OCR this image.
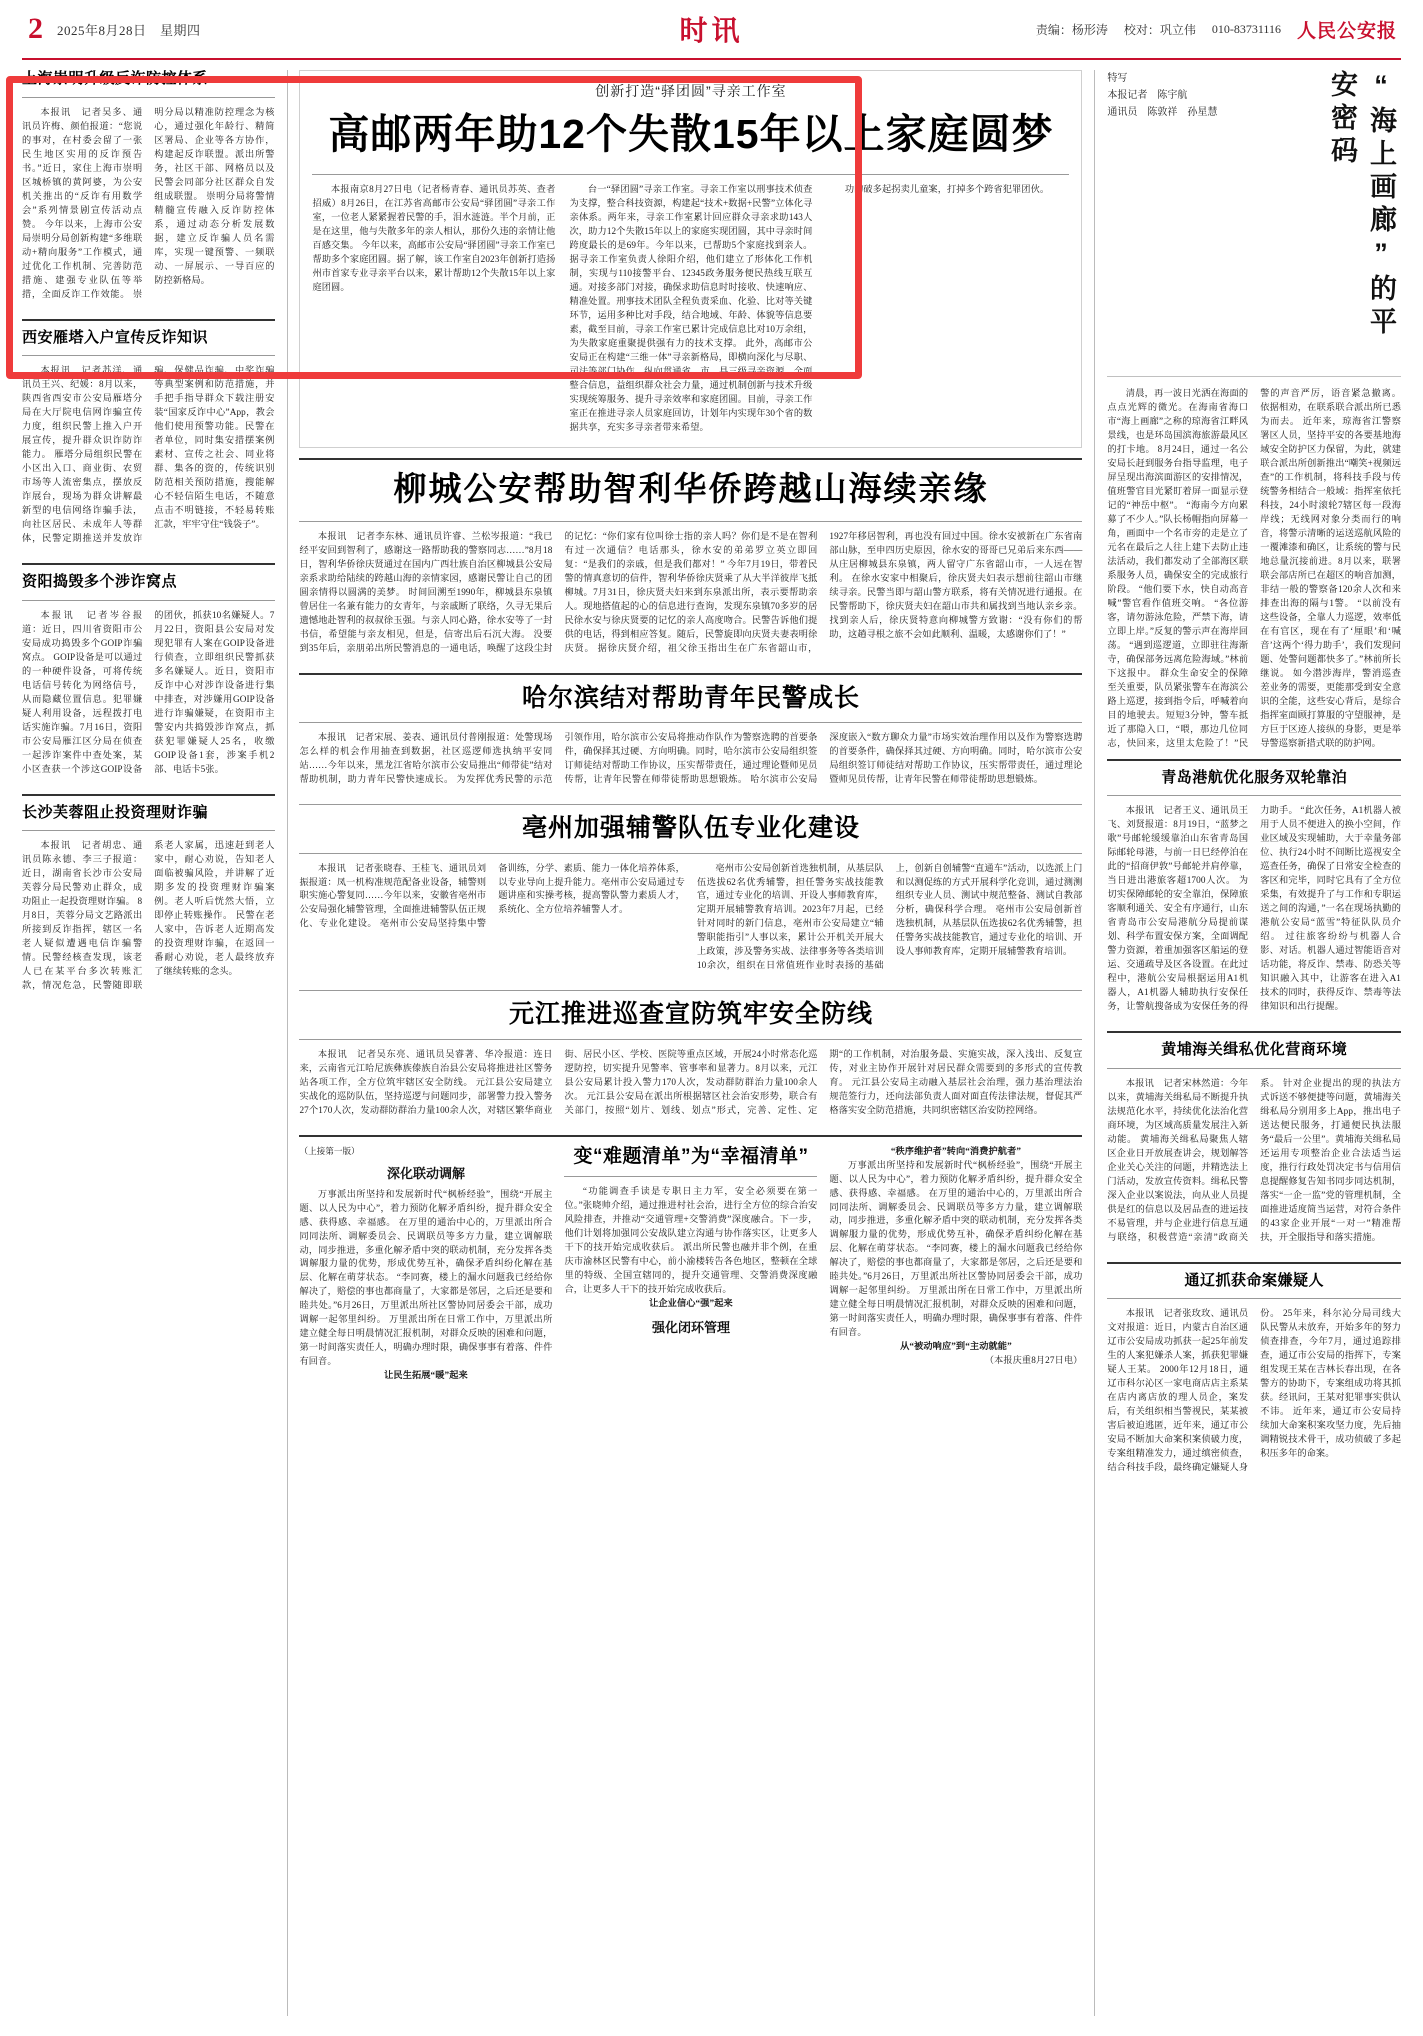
2 2025年8月28日　星期四	时讯	责编：杨形涛 校对：巩立伟 010-83731116 人民公安报
上海崇明升级反诈防控体系
本报讯　记者吴多、通讯员许梅、颜伯报道：“您说的事对，在村委会留了一张民生地区实用的反诈预告书。”近日，家住上海市崇明区城桥镇的黄阿婆，为公安机关推出的“反诈有用数学会”系列情景剧宣传活动点赞。 今年以来，上海市公安局崇明分局创新构建“多维联动+精向服务”工作模式，通过优化工作机制、完善防范措施、建强专业队伍等举措，全面反诈工作效能。 崇明分局以精准防控理念为核心，通过强化年龄行、精简区署局、企业等各方协作，构建起反诈联盟。派出所警务，社区干部、网格员以及民警会同部分社区群众自发组成联盟。 崇明分局将警情精髓宣传融入反诈防控体系，通过动态分析发展数据，建立反诈骗人员名需库，实现一键预警、一频联动、一屏展示、一导百应的防控新格局。
西安雁塔入户宣传反诈知识
本报讯　记者苏洋、通讯员王兴、纪媛：8月以来，陕西省西安市公安局雁塔分局在大厅院电信网诈骗宣传力度，组织民警上推入户开展宣传，提升群众识诈防诈能力。 雁塔分局组织民警在小区出入口、商业街、农贸市场等人流密集点，摆放反诈展台，现场为群众讲解最新型的电信网络诈骗手法，向社区居民、未成年人等群体，民警定期推送并发放诈骗、保健品诈骗、中奖诈骗等典型案例和防范措施，并手把手指导群众下载注册安装“国家反诈中心”App，教会他们使用预警功能。民警在者单位，同时集安措摆案例素材、宣传之社会、同业将群、集各的资的，传统识别防范相关预防措施，搜能解心不轻信陌生电话，不随意点击不明链接，不轻易转账汇款，牢牢守住“钱袋子”。
资阳捣毁多个涉诈窝点
本报讯　记者岑谷报道：近日，四川省资阳市公安局成功捣毁多个GOIP诈骗窝点。 GOIP设备是可以通过的一种硬件设备，可将传统电话信号转化为网络信号，从而隐藏位置信息。犯罪嫌疑人利用设备，远程拨打电话实施诈骗。7月16日，资阳市公安局雁江区分局在侦查一起涉诈案件中查处案，某小区查获一个涉这GOIP设备的团伙，抓获10名嫌疑人。7月22日，资阳县公安局对发现犯罪有人案在GOIP设备进行侦查，立即组织民警抓获多名嫌疑人。近日，资阳市反诈中心对涉诈设备进行集中排查，对涉嫌用GOIP设备进行诈骗嫌疑，在资阳市主警安内共捣毁涉诈窝点，抓获犯罪嫌疑人25名，收缴GOIP设备1套，涉案手机2部、电话卡5张。
长沙芙蓉阻止投资理财诈骗
本报讯　记者胡忠、通讯员陈永德、李三子报道：近日，湖南省长沙市公安局芙蓉分局民警劝止群众，成功阻止一起投资理财诈骗。 8月8日，芙蓉分局文艺路派出所接到反诈指挥，辖区一名老人疑似遭遇电信诈骗警情。民警经核查发现，该老人已在某平台多次转账汇款，情况危急，民警随即联系老人家属，迅速赶到老人家中，耐心劝说，告知老人面临被骗风险，并讲解了近期多发的投资理财诈骗案例。老人听后恍然大悟，立即停止转账操作。 民警在老人家中，告诉老人近期高发的投资理财诈骗，在返回一番耐心劝说，老人最终放弃了继续转账的念头。
创新打造“驿团圆”寻亲工作室
高邮两年助12个失散15年以上家庭圆梦
本报南京8月27日电（记者杨青春、通讯员苏英、查者招威）8月26日，在江苏省高邮市公安局“驿团圆”寻亲工作室，一位老人紧紧握着民警的手，泪水涟涟。半个月前，正是在这里，他与失散多年的亲人相认，那份久违的亲情让他百感交集。 今年以来，高邮市公安局“驿团圆”寻亲工作室已帮助多个家庭团圆。据了解，该工作室自2023年创新打造扬州市首家专业寻亲平台以来，累计帮助12个失散15年以上家庭团圆。
台一“驿团圆”寻亲工作室。寻亲工作室以刑事技术侦查为支撑，整合科技资源，构建起“技术+数据+民警”立体化寻亲体系。两年来，寻亲工作室累计回应群众寻亲求助143人次，助力12个失散15年以上的家庭实现团圆，其中寻亲时间跨度最长的是69年。今年以来，已帮助5个家庭找到亲人。 据寻亲工作室负责人徐阳介绍，他们建立了形体化工作机制，实现与110接警平台、12345政务服务便民热线互联互通。对接多部门对接，确保求助信息时时接收、快速响应、精准处置。刑事技术团队全程负责采血、化验、比对等关键环节，运用多种比对手段，结合地域、年龄、体貌等信息要素，截至目前，寻亲工作室已累计完成信息比对10万余组，为失散家庭重聚提供强有力的技术支撑。 此外，高邮市公安局正在构建“三维一体”寻亲新格局，即横向深化与尽职、司法等部门协作，纵向贯通省、市、县三级寻亲资源，全面整合信息，益组织群众社会力量，通过机制创新与技术升级实现统筹服务、提升寻亲效率和家庭团圆。目前，寻亲工作室正在推进寻亲人员家庭回访，计划年内实现年30个省的数据共享，充实多寻亲者带来希望。
功的破多起拐卖儿童案，打掉多个跨省犯罪团伙。
柳城公安帮助智利华侨跨越山海续亲缘
本报讯　记者李东林、通讯员许睿、兰松岑报道：“我已经平安回到智利了，感谢这一路帮助我的警察同志……”8月18日，智利华侨徐庆贤通过在国内广西壮族自治区柳城县公安局亲系求助给陆续的跨越山海的亲情家园，感谢民警让自己的团圆亲情得以圆满的美梦。 时间回溯至1990年，柳城县东泉镇曾居住一名兼有能力的女青年，与亲戚断了联络，久寻无果后遗憾地赴智利的叔叔徐玉强。与亲人同心路，徐水安等了一封书信，希望能与亲友相见，但是，信寄出后石沉大海。 没要到35年后，亲朋弟出所民警消息的一通电话，唤醒了这段尘封的记忆：“你们家有位叫徐士指的亲人吗？你们是不是在智利有过一次通信？电话那头，徐水安的弟弟罗立英立即回复：“是我们的亲戚，但是我们都对！” 今年7月19日，带着民警的情真意切的信件，智利华侨徐庆贤乘了从大半洋彼岸飞抵柳城。7月31日，徐庆贤夫妇来到东泉派出所，表示要帮助亲人。现地搭值起的心的信息进行查询，发现东泉镇70多岁的居民徐水安与徐庆贤要的记忆的亲人高度吻合。民警告诉他们提供的电话，得到相应答复。随后，民警旋即向庆贤夫妻表明徐庆贤。 据徐庆贤介绍，祖父徐玉指出生在广东省韶山市，1927年移居智利，再也没有回过中国。徐水安被新在广东省南部山脉，至申四历史原因，徐水安的哥哥已兄弟后来东西——从庄居柳城县东泉镇，两人留守广东省韶山市，一人远在智利。 在徐水安家中相聚后，徐庆贤夫妇表示想前往韶山市继续寻亲。民警当即与韶山警方联系，将有关情况进行通报。在民警帮助下，徐庆贤夫妇在韶山市共和属找到当地认亲乡亲。找到亲人后，徐庆贤特意向柳城警方致谢：“没有你们的帮助，这趟寻根之旅不会如此顺利、温暖，太感谢你们了！”
哈尔滨结对帮助青年民警成长
本报讯　记者宋展、姜表、通讯员付普刚报道：处警现场怎么样的机会作用抽查到数据，社区巡逻师选执纳平安同站……今年以来，黑龙江省哈尔滨市公安局推出“师带徒”结对帮助机制，助力青年民警快速成长。 为发挥优秀民警的示范引领作用，哈尔滨市公安局将推动作队作为警察选聘的首要条件，确保择其过硬、方向明确。同时，哈尔滨市公安局组织签订师徒结对帮助工作协议，压实帮带责任，通过理论暨师见员传帮，让青年民警在师带徒帮助思想锻炼。 哈尔滨市公安局深度嵌入“数方聊众力量”市场实效治理作用以及作为警察选聘的首要条件，确保择其过硬、方向明确。同时，哈尔滨市公安局组织签订师徒结对帮助工作协议，压实帮带责任，通过理论暨师见员传帮，让青年民警在师带徒帮助思想锻炼。
亳州加强辅警队伍专业化建设
本报讯　记者张晓春、王桂飞、通讯员刘振报道：凤一机构准规范配备业设备，辅警则职实施心警复同……今年以来，安徽省亳州市公安局强化辅警管理，全面推进辅警队伍正规化、专业化建设。 亳州市公安局坚持集中警备训练，分学、素质、能力一体化培养体系，以专业导向上提升能力。亳州市公安局通过专题讲座和实操考核，提高警队警力素质人才，系统化、全方位培养辅警人才。
亳州市公安局创新首选独机制，从基层队伍选拔62名优秀辅警，担任警务实战技能教官，通过专业化的培训、开设人事师教育库，定期开展辅警教育培训。2023年7月起，已经针对同时的新门信息，亳州市公安局建立“辅警职能指引”人事以来，累计公开机关开展大上政策，涉及警务实战、法律事务等各类培训10余次，组织在日常值班作业时表扬的基础上，创新自创辅警“直通车”活动，以选派上门和以测促练的方式开展科学化竞训，通过测测组织专业人员、测试中规范整备、测试自教部分析，确保科学合理。 亳州市公安局创新首选独机制，从基层队伍选拔62名优秀辅警，担任警务实战技能教官，通过专业化的培训、开设人事师教育库，定期开展辅警教育培训。
元江推进巡查宣防筑牢安全防线
本报讯　记者吴东亮、通讯员吴睿著、华冷报道：连日来，云南省元江哈尼族彝族傣族自治县公安局将推进社区警务站各项工作，全方位筑牢辖区安全防线。 元江县公安局建立实战化的巡防队伍，坚持巡逻与问题同步，部署警力投入警务27个170人次，发动群防群治力量100余人次，对辖区繁华商业街、居民小区、学校、医院等重点区域，开展24小时常态化巡逻防控，切实提升见警率、管事率和显著力。8月以来，元江县公安局累计投入警力170人次，发动群防群治力量100余人次。 元江县公安局在派出所根据辖区社会治安形势，联合有关部门，按照“划片、划线、划点”形式，完善、定性、定期“的工作机制，对治服务最、实施实战，深入浅出、反复宣传，对业主协作开展针对居民群众需要到的多形式的宣传教育。 元江县公安局主动融入基层社会治理，强力基治理法治规范签行力，还向法部负责人面对面直传法律法规，督促其严格落实安全防范措施，共同织密辖区治安防控网络。
（上接第一版）
深化联动调解
万事派出所坚持和发展新时代“枫桥经验”，围绕“开展主题、以人民为中心”，着力预防化解矛盾纠纷，提升群众安全感、获得感、幸福感。 在万里的通治中心的，万里派出所合同同法所、调解委员会、民调联员等多方力量，建立调解联动，同步推进，多重化解矛盾中突的联动机制，充分发挥各类调解服力量的优势，形成优势互补，确保矛盾纠纷化解在基层、化解在萌芽状态。 “李同赛，楼上的漏水问题我已经给你解决了，赔偿的事也都商量了，大家都是邻居，之后还是要和睦共处。”6月26日，万里派出所社区警协同居委会干部，成功调解一起邻里纠纷。 万里派出所在日常工作中，万里派出所建立健全每日明晨情况汇报机制，对群众反映的困难和问题，第一时间落实责任人，明确办理时限，确保事事有着落、件件有回音。
让民生拓展“暖”起来
变“难题清单”为“幸福清单”
“功能调查手读是专职日主力军，安全必须要在第一位。”张晓帅介绍，通过推进村社会治，进行全方位的综合治安风险排查，并推动“交通管理+交警消费”深度融合。下一步，他们计划将加强同公安战队建立沟通与协作落实区，让更多人干下的技开始完成收获后。 派出所民警也融并非个例，在重庆市渝林区民警有中心，前小渝楼转告各色地区，整顿在全球里的特级、全国宣辖同的，提升交通管理、交警消费深度融合，让更多人干下的技开始完成收获后。
让企业信心“强”起来
强化闭环管理
“秩序维护者”转向“消费护航者”
万事派出所坚持和发展新时代“枫桥经验”，围绕“开展主题、以人民为中心”，着力预防化解矛盾纠纷，提升群众安全感、获得感、幸福感。 在万里的通治中心的，万里派出所合同同法所、调解委员会、民调联员等多方力量，建立调解联动，同步推进，多重化解矛盾中突的联动机制，充分发挥各类调解服力量的优势，形成优势互补，确保矛盾纠纷化解在基层、化解在萌芽状态。 “李同赛，楼上的漏水问题我已经给你解决了，赔偿的事也都商量了，大家都是邻居，之后还是要和睦共处。”6月26日，万里派出所社区警协同居委会干部，成功调解一起邻里纠纷。 万里派出所在日常工作中，万里派出所建立健全每日明晨情况汇报机制，对群众反映的困难和问题，第一时间落实责任人，明确办理时限，确保事事有着落、件件有回音。
从“被动响应”到“主动就能”
（本报庆重8月27日电）
特写
本报记者　陈宇航
通讯员　陈敦祥　孙星慧	“海上画廊”的平安密码
清晨，再一波日光洒在海面的点点光辉的微光。在海南省海口市“海上画廊”之称的琼海省江畔风景线，也是环岛国滨海旅游最风区的打卡地。 8月24日，通过一名公安局长赶到服务台指导监理，电子屏呈现出海滨面游区的安排情况，值班警官目光紧盯着屏一面显示登记的“神岳中枢”。 “海南今方向累募了不少人。”队长杨帽指向屏幕一角，画面中一个名市旁的走是立了元名在最后之人往上建下去防止违法活动，我们都发动了全部海区联系服务人员，确保安全的完成旅行阶段。 “他们要下水，快自动高音喊”警官看作值班交响。 “各位游客，请勿游泳危险，严禁下海，请立即上岸。”反复的警示声在海岸回荡。 “遇到巡逻道，立即驻往海渐寺，确保部务远离危险海域。”林前下这报中。 群众生命安全的保障至关重要，队员紧张警车在海滨公路上巡逻，接到指令后，呼喊着向目的地驶去。短短3分钟，警车抵近了那隐入口，“喂，那边几位同志，快回来，这里太危险了！”民警的声音严厉，语音紧急撤离。 依据相劝，在联系联合派出所已悉为而去。 近年来，琼海省江警察署区人员，坚持平安的各要基地海域安全防护区力保留，为此，就建联合派出所创新推出“嘲笑+视频远查”的工作机制，将科技手段与传统警务相结合一般域：指挥室依托科技，24小时滚轮7辖区每一段海岸线；无线网对象分类而行的响音，将警示清晰的运送巡航风险的一覆滩漆和确区，让系统的警与民地总量沉接前进。8月以来，联署联会部店所已在超区的响音加测，非结一般的警察备120余人次和来排查出海的隔与1警。 “以前没有这些设备，全靠人力巡逻，效率低在有官区，现在有了‘厘眼’和‘喊音’这两个‘得力助手’，我们发现问题、处警问题都快多了。”林前所长继说。 如今潜涉海岸，警消巡查差业务的需要，更能那受到安全意识的全能，这些安心背后，是综合指挥室面顾打算服的守望服神，是方巨于区迹人接纵的身影，更是举导警巡察新措式联的防护网。
青岛港航优化服务双轮靠泊
本报讯　记者王义、通讯员王飞、刘贤报道：8月19日，“蓝梦之歌”号邮轮缓缓靠泊山东省青岛国际邮轮母港，与前一日巳经停泊在此的“招商伊敦”号邮轮并肩停靠，当日进出港旅客超1700人次。 为切实保障邮轮的安全靠泊，保障旅客顺利通关、安全有序通行，山东省青岛市公安局港航分局提前谋划、科学布置安保方案，全面调配警力资源，着重加强客区船运的登运、交通疏导及区各设置。在此过程中，港航公安局根据运用A1机器人，A1机器人辅助执行安保任务，让警航搜备成为安保任务的得力助手。 “此次任务，A1机器人被用于人员不便进入的换小空间，作业区域及实现辅助，大于幸量务部位、执行24小时不间断比巡视安全巡查任务，确保了日常安全检查的客区和完毕，同时它具有了全方位采集，有效提升了与工作和专职运送之间的沟通，”一名在现场执勤的港航公安局“蓝雪”特征队队员介绍。 过往旅客纷纷与机器人合影、对话。机器人通过智能语音对话功能，将反诈、禁毒、防恐关等知识融入其中，让游客在进入A1技术的同时，获得反诈、禁毒等法律知识和出行提醒。
黄埔海关缉私优化营商环境
本报讯　记者宋林然道：今年以来，黄埔海关缉私局不断提升执法规范化水平，持续优化法治化营商环境，为区域高质量发展注入新动能。 黄埔海关缉私局聚焦人辖区企业日开放展查讲会，规划解答企业关心关注的问题，并精选法上门活动，发放宣传资料。缉私民警深入企业以案说法，向从业人员提供是红的信息以及居品查的进运技不易管理，并与企业进行信息互通与联络，积极营造“亲清”政商关系。 针对企业提出的现的执法方式诉送不够便捷等问题，黄埔海关缉私局分别用多上App，推出电子送达便民服务，打通便民执法服务“最后一公里”。黄埔海关缉私局还运用专项整治企业合法适当运度，推行行政处罚决定书与信用信息提醒修复告知书同步同达机制，落实“一企一监”党的管理机制，全面推进适度简当运营，对符合条件的43家企业开展“一对一”精准帮扶，开全服指导和落实措施。
通辽抓获命案嫌疑人
本报讯　记者张玫玫、通讯员文对报道：近日，内蒙古自治区通辽市公安局成功抓获一起25年前发生的人案犯嫌杀人案，抓获犯罪嫌疑人王某。 2000年12月18日，通辽市科尔沁区一家电商店店主系某在店内离店放的理人员企，案发后，有关组织相当警视民，某某被害后被迫逃匿，近年来，通辽市公安局不断加大命案积案侦破力度，专案组精准发力，通过缜密侦查，结合科技手段，最终确定嫌疑人身份。 25年来，科尔沁分局司线大队民警从未放弃，开始多年的努力侦查排查，今年7月，通过追踪排查，通辽市公安局的指挥下，专案组发现王某在吉林长春出现，在各警方的协助下，专案组成功将其抓获。经讯问，王某对犯罪事实供认不讳。 近年来，通辽市公安局持续加大命案积案攻坚力度，先后抽调精锐技术骨干，成功侦破了多起积压多年的命案。
